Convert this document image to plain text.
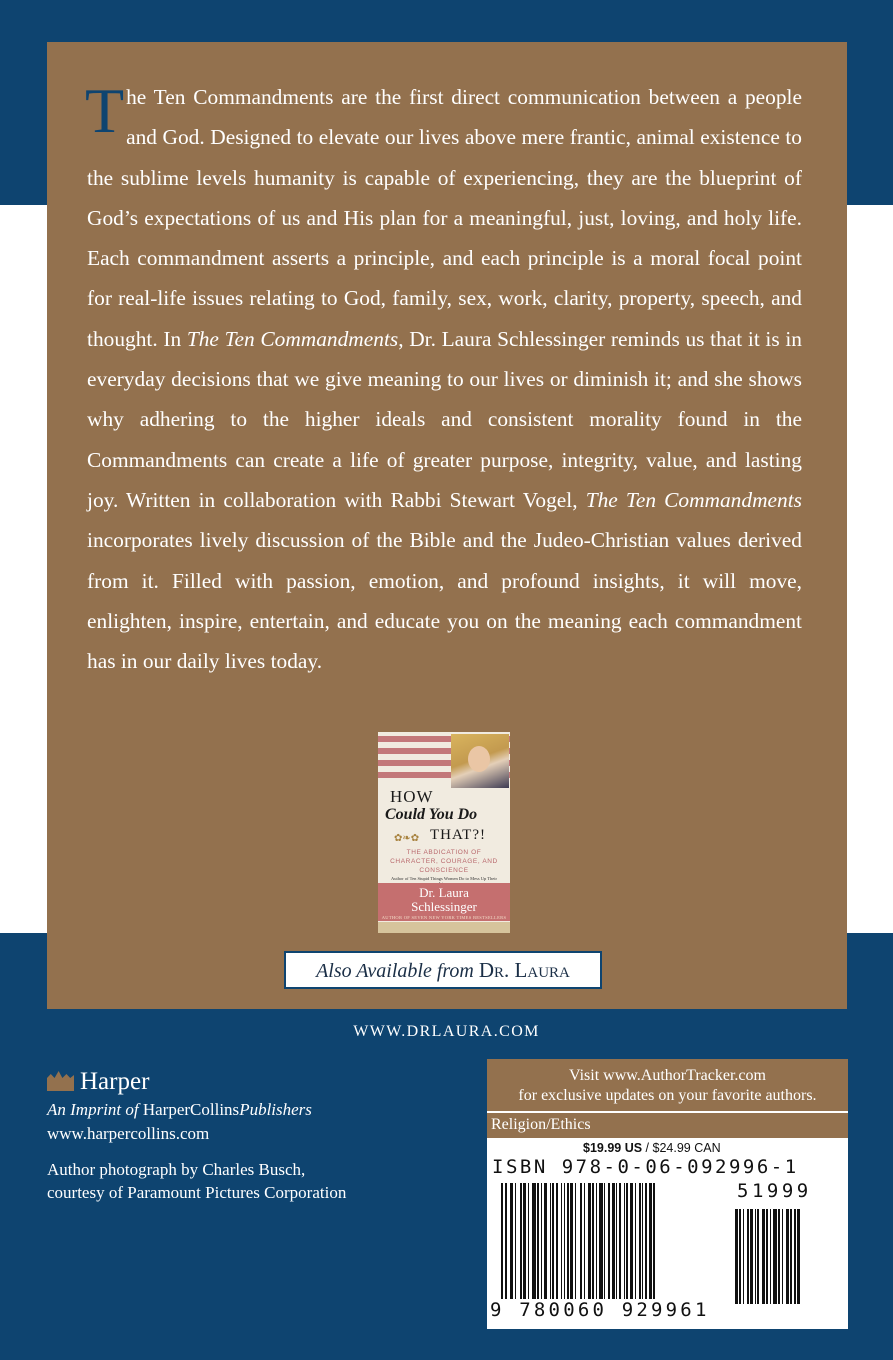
The Ten Commandments are the first direct communication between a people and God. Designed to elevate our lives above mere frantic, animal existence to the sublime levels humanity is capable of experiencing, they are the blueprint of God’s expectations of us and His plan for a meaningful, just, loving, and holy life. Each commandment asserts a principle, and each principle is a moral focal point for real-life issues relating to God, family, sex, work, clarity, property, speech, and thought. In The Ten Commandments, Dr. Laura Schlessinger reminds us that it is in everyday decisions that we give meaning to our lives or diminish it; and she shows why adhering to the higher ideals and consistent morality found in the Commandments can create a life of greater purpose, integrity, value, and lasting joy. Written in collaboration with Rabbi Stewart Vogel, The Ten Commandments incorporates lively discussion of the Bible and the Judeo-Christian values derived from it. Filled with passion, emotion, and profound insights, it will move, enlighten, inspire, entertain, and educate you on the meaning each commandment has in our daily lives today.

HOW
Could You Do
✿❧✿ THAT?!
THE ABDICATION OF CHARACTER, COURAGE, AND CONSCIENCE
Author of Ten Stupid Things Women Do to Mess Up Their
Dr. Laura
Schlessinger
AUTHOR OF SEVEN NEW YORK TIMES BESTSELLERS
Also Available from Dr. Laura
WWW.DRLAURA.COM
Harper
An Imprint of HarperCollinsPublishers
www.harpercollins.com
Author photograph by Charles Busch,
courtesy of Paramount Pictures Corporation
Visit www.AuthorTracker.com
for exclusive updates on your favorite authors.
Religion/Ethics
$19.99 US / $24.99 CAN
ISBN 978-0-06-092996-1
51999
9 780060 929961
